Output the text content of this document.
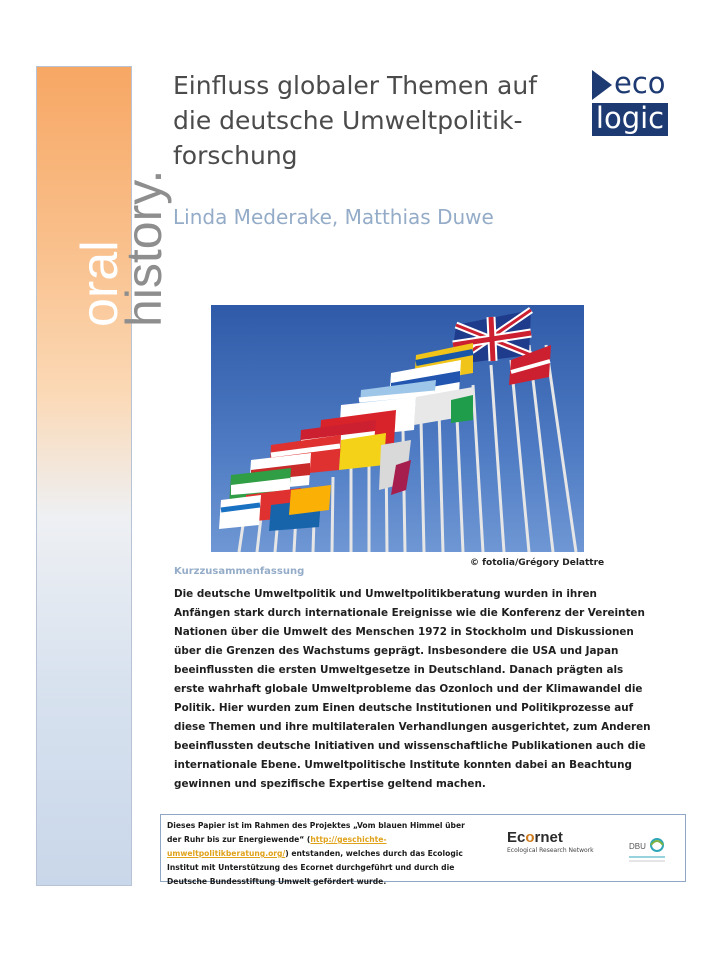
oral
history.
Einfluss globaler Themen auf die deutsche Umweltpolitik-forschung
Linda Mederake, Matthias Duwe
eco
logic
© fotolia/Grégory Delattre
Kurzzusammenfassung

Die deutsche Umweltpolitik und Umweltpolitikberatung wurden in ihren Anfängen stark durch internationale Ereignisse wie die Konferenz der Vereinten Nationen über die Umwelt des Menschen 1972 in Stockholm und Diskussionen über die Grenzen des Wachstums geprägt. Insbesondere die USA und Japan beeinflussten die ersten Umweltgesetze in Deutschland. Danach prägten als erste wahrhaft globale Umweltprobleme das Ozonloch und der Klimawandel die Politik. Hier wurden zum Einen deutsche Institutionen und Politikprozesse auf diese Themen und ihre multilateralen Verhandlungen ausgerichtet, zum Anderen beeinflussten deutsche Initiativen und wissenschaftliche Publikationen auch die internationale Ebene. Umweltpolitische Institute konnten dabei an Beachtung gewinnen und spezifische Expertise geltend machen.

Dieses Papier ist im Rahmen des Projektes „Vom blauen Himmel über der Ruhr bis zur Energiewende“ (http://geschichte-umweltpolitikberatung.org/) entstanden, welches durch das Ecologic Institut mit Unterstützung des Ecornet durchgeführt und durch die Deutsche Bundesstiftung Umwelt gefördert wurde.

Ecornet
Ecological Research Network	DBU
